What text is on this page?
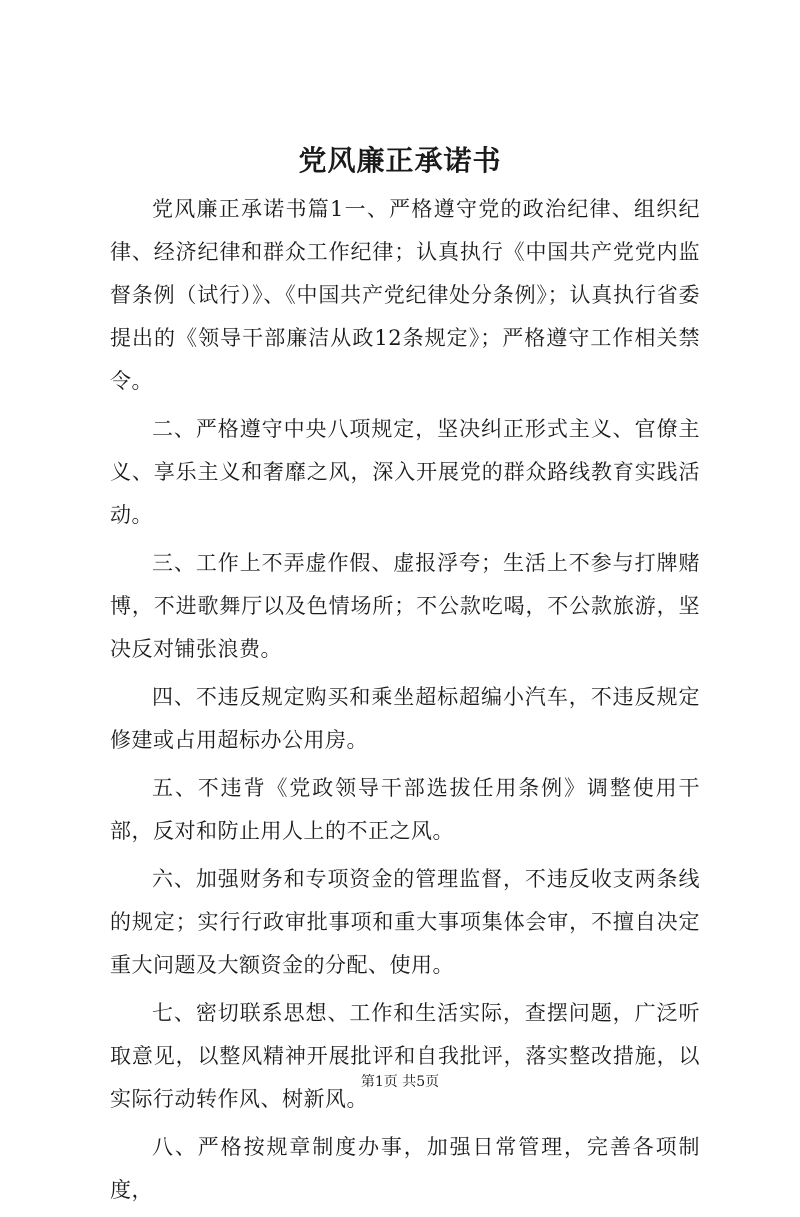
党风廉正承诺书

党风廉正承诺书篇1一、严格遵守党的政治纪律、组织纪律、经济纪律和群众工作纪律；认真执行《中国共产党党内监督条例（试行）》、《中国共产党纪律处分条例》；认真执行省委提出的《领导干部廉洁从政12条规定》；严格遵守工作相关禁令。

二、严格遵守中央八项规定，坚决纠正形式主义、官僚主义、享乐主义和奢靡之风，深入开展党的群众路线教育实践活动。

三、工作上不弄虚作假、虚报浮夸；生活上不参与打牌赌博，不进歌舞厅以及色情场所；不公款吃喝，不公款旅游，坚决反对铺张浪费。

四、不违反规定购买和乘坐超标超编小汽车，不违反规定修建或占用超标办公用房。

五、不违背《党政领导干部选拔任用条例》调整使用干部，反对和防止用人上的不正之风。

六、加强财务和专项资金的管理监督，不违反收支两条线的规定；实行行政审批事项和重大事项集体会审，不擅自决定重大问题及大额资金的分配、使用。

七、密切联系思想、工作和生活实际，查摆问题，广泛听取意见，以整风精神开展批评和自我批评，落实整改措施，以实际行动转作风、树新风。

八、严格按规章制度办事，加强日常管理，完善各项制度，

第1页 共5页
